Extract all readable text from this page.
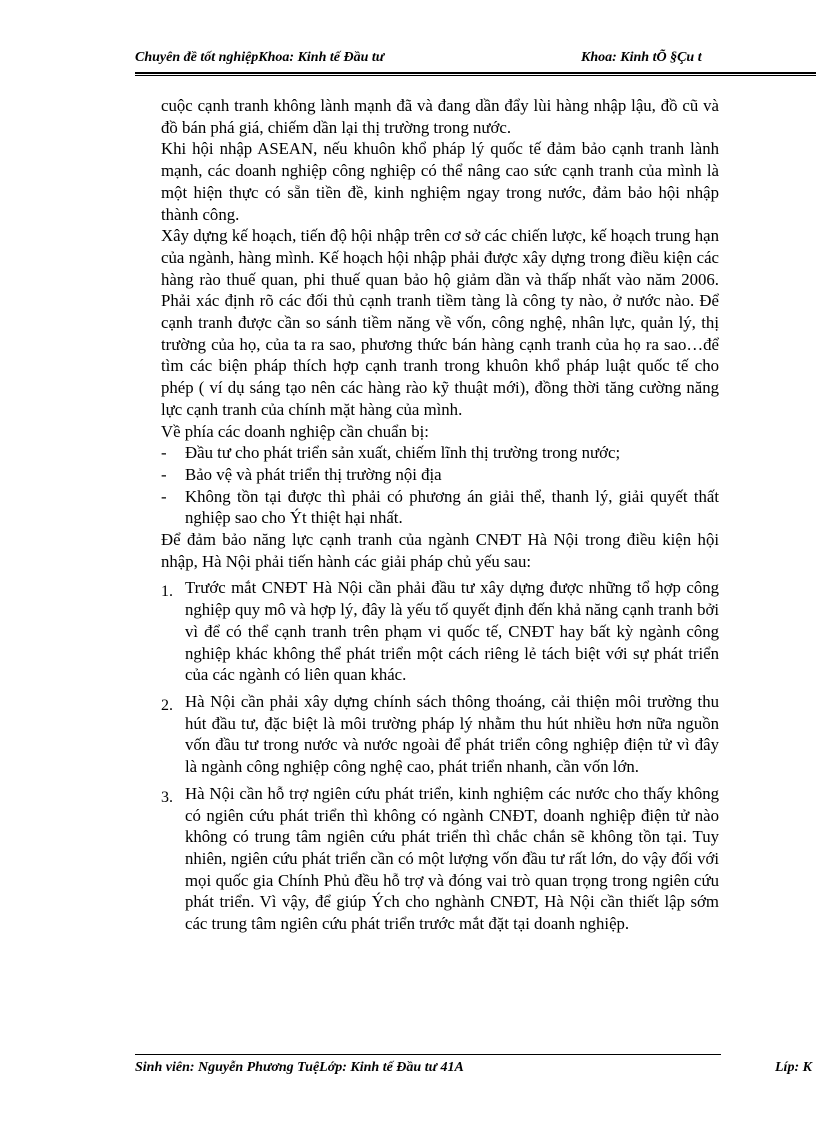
Chuyên đề tốt nghiệpKhoa: Kinh tế Đầu tư	Khoa: Kinh tÕ §Çu t

cuộc cạnh tranh không lành mạnh đã và đang dần đẩy lùi hàng nhập lậu, đồ cũ và đồ bán phá giá, chiếm dần lại thị trường trong nước.

Khi hội nhập ASEAN, nếu khuôn khổ pháp lý quốc tế đảm bảo cạnh tranh lành mạnh, các doanh nghiệp công nghiệp có thể nâng cao sức cạnh tranh của mình là một hiện thực có sẵn tiền đề, kinh nghiệm ngay trong nước, đảm bảo hội nhập thành công.

Xây dựng kế hoạch, tiến độ hội nhập trên cơ sở các chiến lược, kế hoạch trung hạn của ngành, hàng mình. Kế hoạch hội nhập phải được xây dựng trong điều kiện các hàng rào thuế quan, phi thuế quan bảo hộ giảm dần và thấp nhất vào năm 2006. Phải xác định rõ các đối thủ cạnh tranh tiềm tàng là công ty nào, ở nước nào. Để cạnh tranh được cần so sánh tiềm năng về vốn, công nghệ, nhân lực, quản lý, thị trường của họ, của ta ra sao, phương thức bán hàng cạnh tranh của họ ra sao…để tìm các biện pháp thích hợp cạnh tranh trong khuôn khổ pháp luật quốc tế cho phép ( ví dụ sáng tạo nên các hàng rào kỹ thuật mới), đồng thời tăng cường năng lực cạnh tranh của chính mặt hàng của mình.

Về phía các doanh nghiệp cần chuẩn bị:

- Đầu tư cho phát triển sản xuất, chiếm lĩnh thị trường trong nước;
- Bảo vệ và phát triển thị trường nội địa
- Không tồn tại được thì phải có phương án giải thể, thanh lý, giải quyết thất nghiệp sao cho Ýt thiệt hại nhất.

Để đảm bảo năng lực cạnh tranh của ngành CNĐT Hà Nội trong điều kiện hội nhập, Hà Nội phải tiến hành các giải pháp chủ yếu sau:

1. Trước mắt CNĐT Hà Nội cần phải đầu tư xây dựng được những tổ hợp công nghiệp quy mô và hợp lý, đây là yếu tố quyết định đến khả năng cạnh tranh bởi vì để có thể cạnh tranh trên phạm vi quốc tế, CNĐT hay bất kỳ ngành công nghiệp khác không thể phát triển một cách riêng lẻ tách biệt với sự phát triển của các ngành có liên quan khác.
2. Hà Nội cần phải xây dựng chính sách thông thoáng, cải thiện môi trường thu hút đầu tư, đặc biệt là môi trường pháp lý nhằm thu hút nhiều hơn nữa nguồn vốn đầu tư trong nước và nước ngoài để phát triển công nghiệp điện tử vì đây là ngành công nghiệp công nghệ cao, phát triển nhanh, cần vốn lớn.
3. Hà Nội cần hỗ trợ ngiên cứu phát triển, kinh nghiệm các nước cho thấy không có ngiên cứu phát triển thì không có ngành CNĐT, doanh nghiệp điện tử nào không có trung tâm ngiên cứu phát triển thì chắc chắn sẽ không tồn tại. Tuy nhiên, ngiên cứu phát triển cần có một lượng vốn đầu tư rất lớn, do vậy đối với mọi quốc gia Chính Phủ đều hỗ trợ và đóng vai trò quan trọng trong ngiên cứu phát triển. Vì vậy, để giúp Ých cho nghành CNĐT, Hà Nội cần thiết lập sớm các trung tâm ngiên cứu phát triển trước mắt đặt tại doanh nghiệp.
Sinh viên: Nguyễn Phương TuệLớp: Kinh tế Đầu tư 41A	Líp: K
